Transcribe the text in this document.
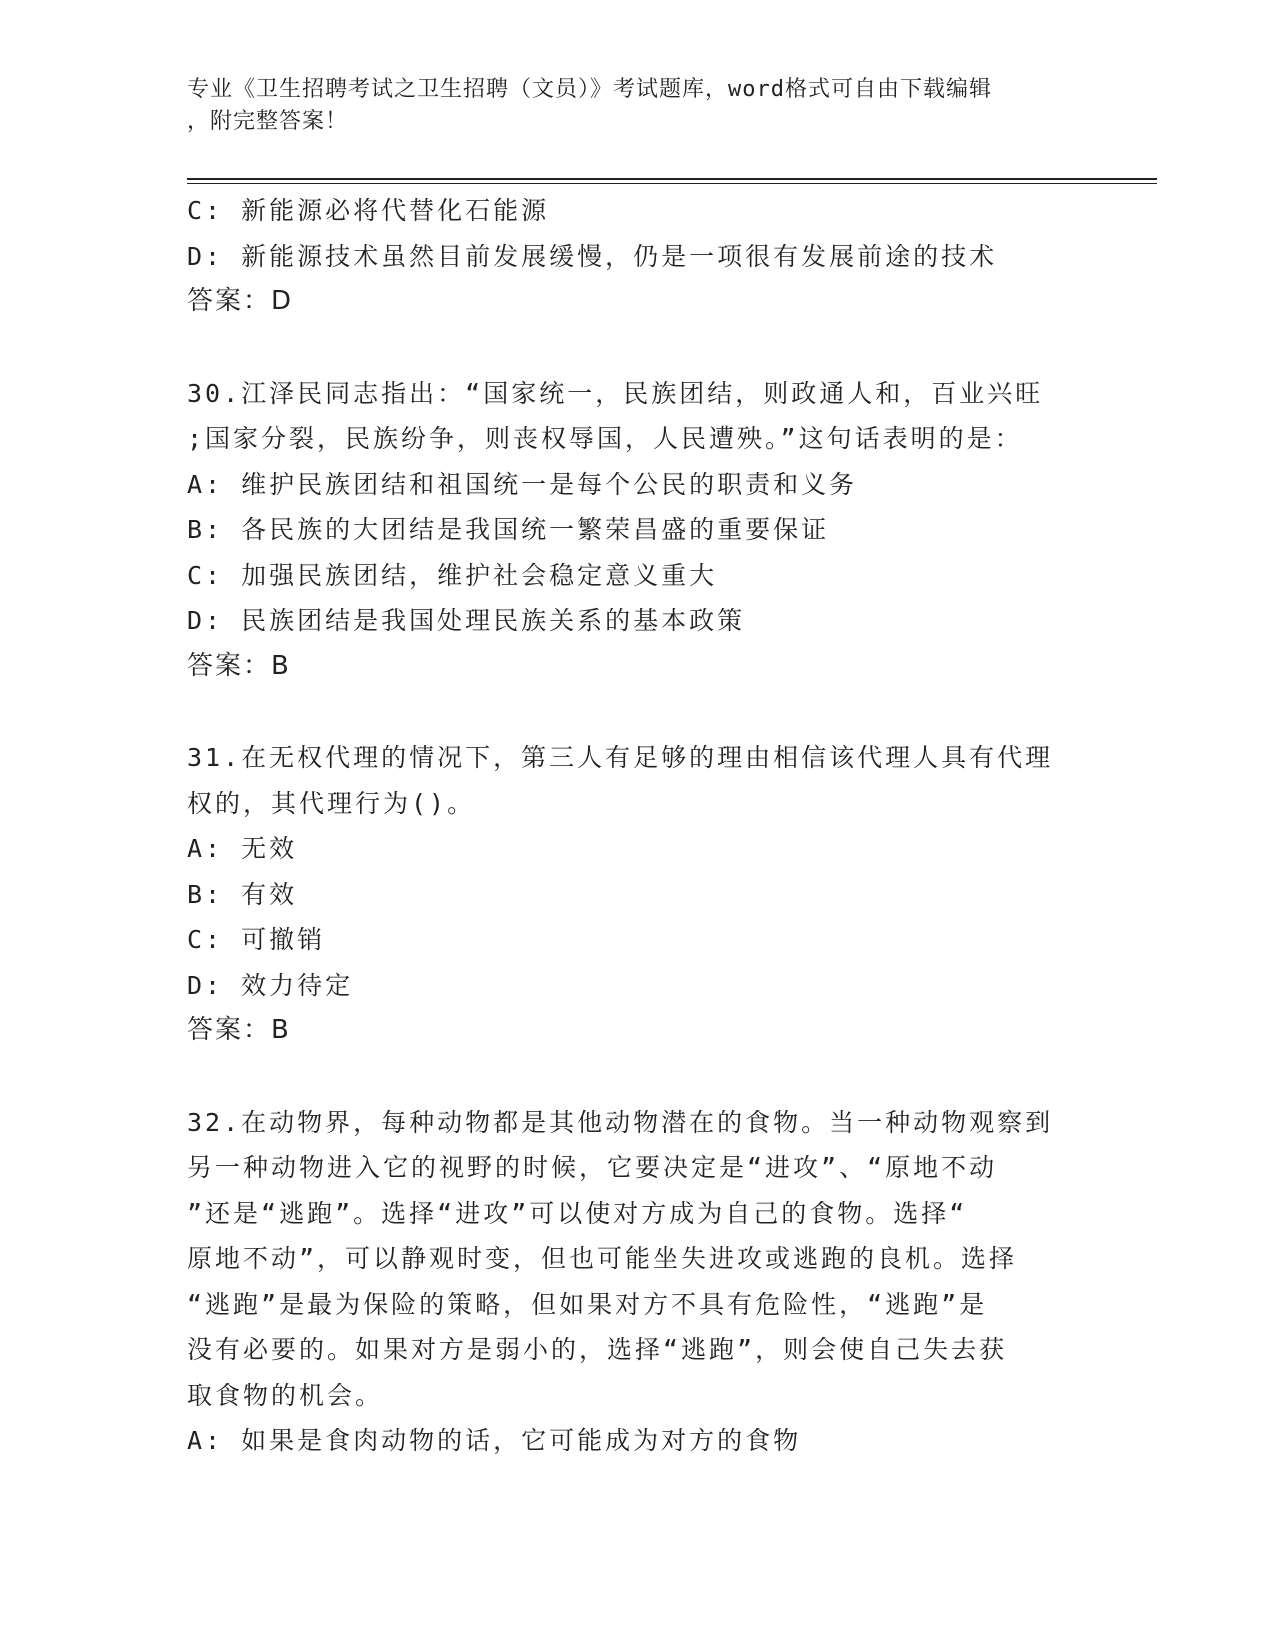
专业《卫生招聘考试之卫生招聘（文员）》考试题库，word格式可自由下载编辑
，附完整答案！
C: 新能源必将代替化石能源
D: 新能源技术虽然目前发展缓慢，仍是一项很有发展前途的技术
答案：D
30.江泽民同志指出：“国家统一，民族团结，则政通人和，百业兴旺
;国家分裂，民族纷争，则丧权辱国，人民遭殃。”这句话表明的是：
A: 维护民族团结和祖国统一是每个公民的职责和义务
B: 各民族的大团结是我国统一繁荣昌盛的重要保证
C: 加强民族团结，维护社会稳定意义重大
D: 民族团结是我国处理民族关系的基本政策
答案：B
31.在无权代理的情况下，第三人有足够的理由相信该代理人具有代理
权的，其代理行为()。
A: 无效
B: 有效
C: 可撤销
D: 效力待定
答案：B
32.在动物界，每种动物都是其他动物潜在的食物。当一种动物观察到
另一种动物进入它的视野的时候，它要决定是“进攻”、“原地不动
”还是“逃跑”。选择“进攻”可以使对方成为自己的食物。选择“
原地不动”，可以静观时变，但也可能坐失进攻或逃跑的良机。选择
“逃跑”是最为保险的策略，但如果对方不具有危险性，“逃跑”是
没有必要的。如果对方是弱小的，选择“逃跑”，则会使自己失去获
取食物的机会。
A: 如果是食肉动物的话，它可能成为对方的食物
